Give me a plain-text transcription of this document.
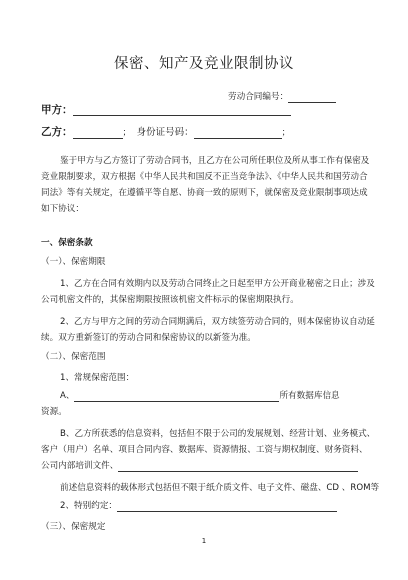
保密、知产及竞业限制协议
劳动合同编号：
甲方：
乙方：	； 身份证号码：	；
鉴于甲方与乙方签订了劳动合同书，且乙方在公司所任职位及所从事工作有保密及
竞业限制要求，双方根据《中华人民共和国反不正当竞争法》、《中华人民共和国劳动合
同法》等有关规定，在遵循平等自愿、协商一致的原则下，就保密及竞业限制事项达成
如下协议：
一、保密条款
（一）、保密期限
1、乙方在合同有效期内以及劳动合同终止之日起至甲方公开商业秘密之日止；涉及
公司机密文件的，其保密期限按照该机密文件标示的保密期限执行。
2、乙方与甲方之间的劳动合同期满后，双方续签劳动合同的，则本保密协议自动延
续。双方重新签订的劳动合同和保密协议的以新签为准。
（二）、保密范围
1、常规保密范围：
A、	所有数据库信息
资源。
B、乙方所获悉的信息资料，包括但不限于公司的发展规划、经营计划、业务模式、
客户（用户）名单、项目合同内容、数据库、资源情报、工资与期权制度、财务资料、
公司内部培训文件、
前述信息资料的载体形式包括但不限于纸介质文件、电子文件、磁盘、CD 、ROM等
2、特别约定：
（三）、保密规定
1
